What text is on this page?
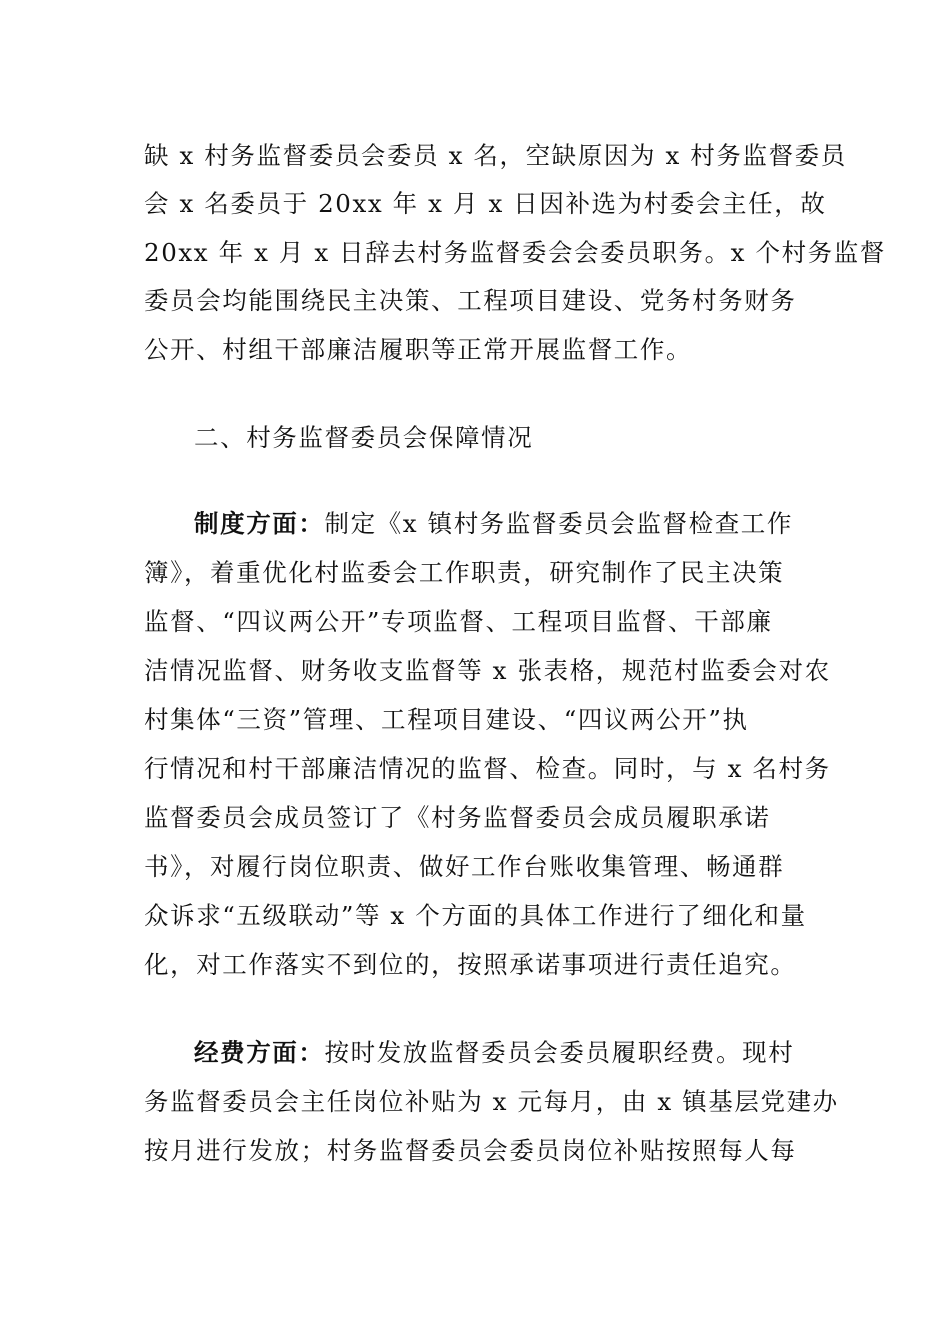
缺 x 村务监督委员会委员 x 名，空缺原因为 x 村务监督委员
会 x 名委员于 20xx 年 x 月 x 日因补选为村委会主任，故
20xx 年 x 月 x 日辞去村务监督委会会委员职务。x 个村务监督
委员会均能围绕民主决策、工程项目建设、党务村务财务
公开、村组干部廉洁履职等正常开展监督工作。
二、村务监督委员会保障情况
制度方面：制定《x 镇村务监督委员会监督检查工作
簿》，着重优化村监委会工作职责，研究制作了民主决策
监督、“四议两公开”专项监督、工程项目监督、干部廉
洁情况监督、财务收支监督等 x 张表格，规范村监委会对农
村集体“三资”管理、工程项目建设、“四议两公开”执
行情况和村干部廉洁情况的监督、检查。同时，与 x 名村务
监督委员会成员签订了《村务监督委员会成员履职承诺
书》，对履行岗位职责、做好工作台账收集管理、畅通群
众诉求“五级联动”等 x 个方面的具体工作进行了细化和量
化，对工作落实不到位的，按照承诺事项进行责任追究。
经费方面：按时发放监督委员会委员履职经费。现村
务监督委员会主任岗位补贴为 x 元每月，由 x 镇基层党建办
按月进行发放；村务监督委员会委员岗位补贴按照每人每
